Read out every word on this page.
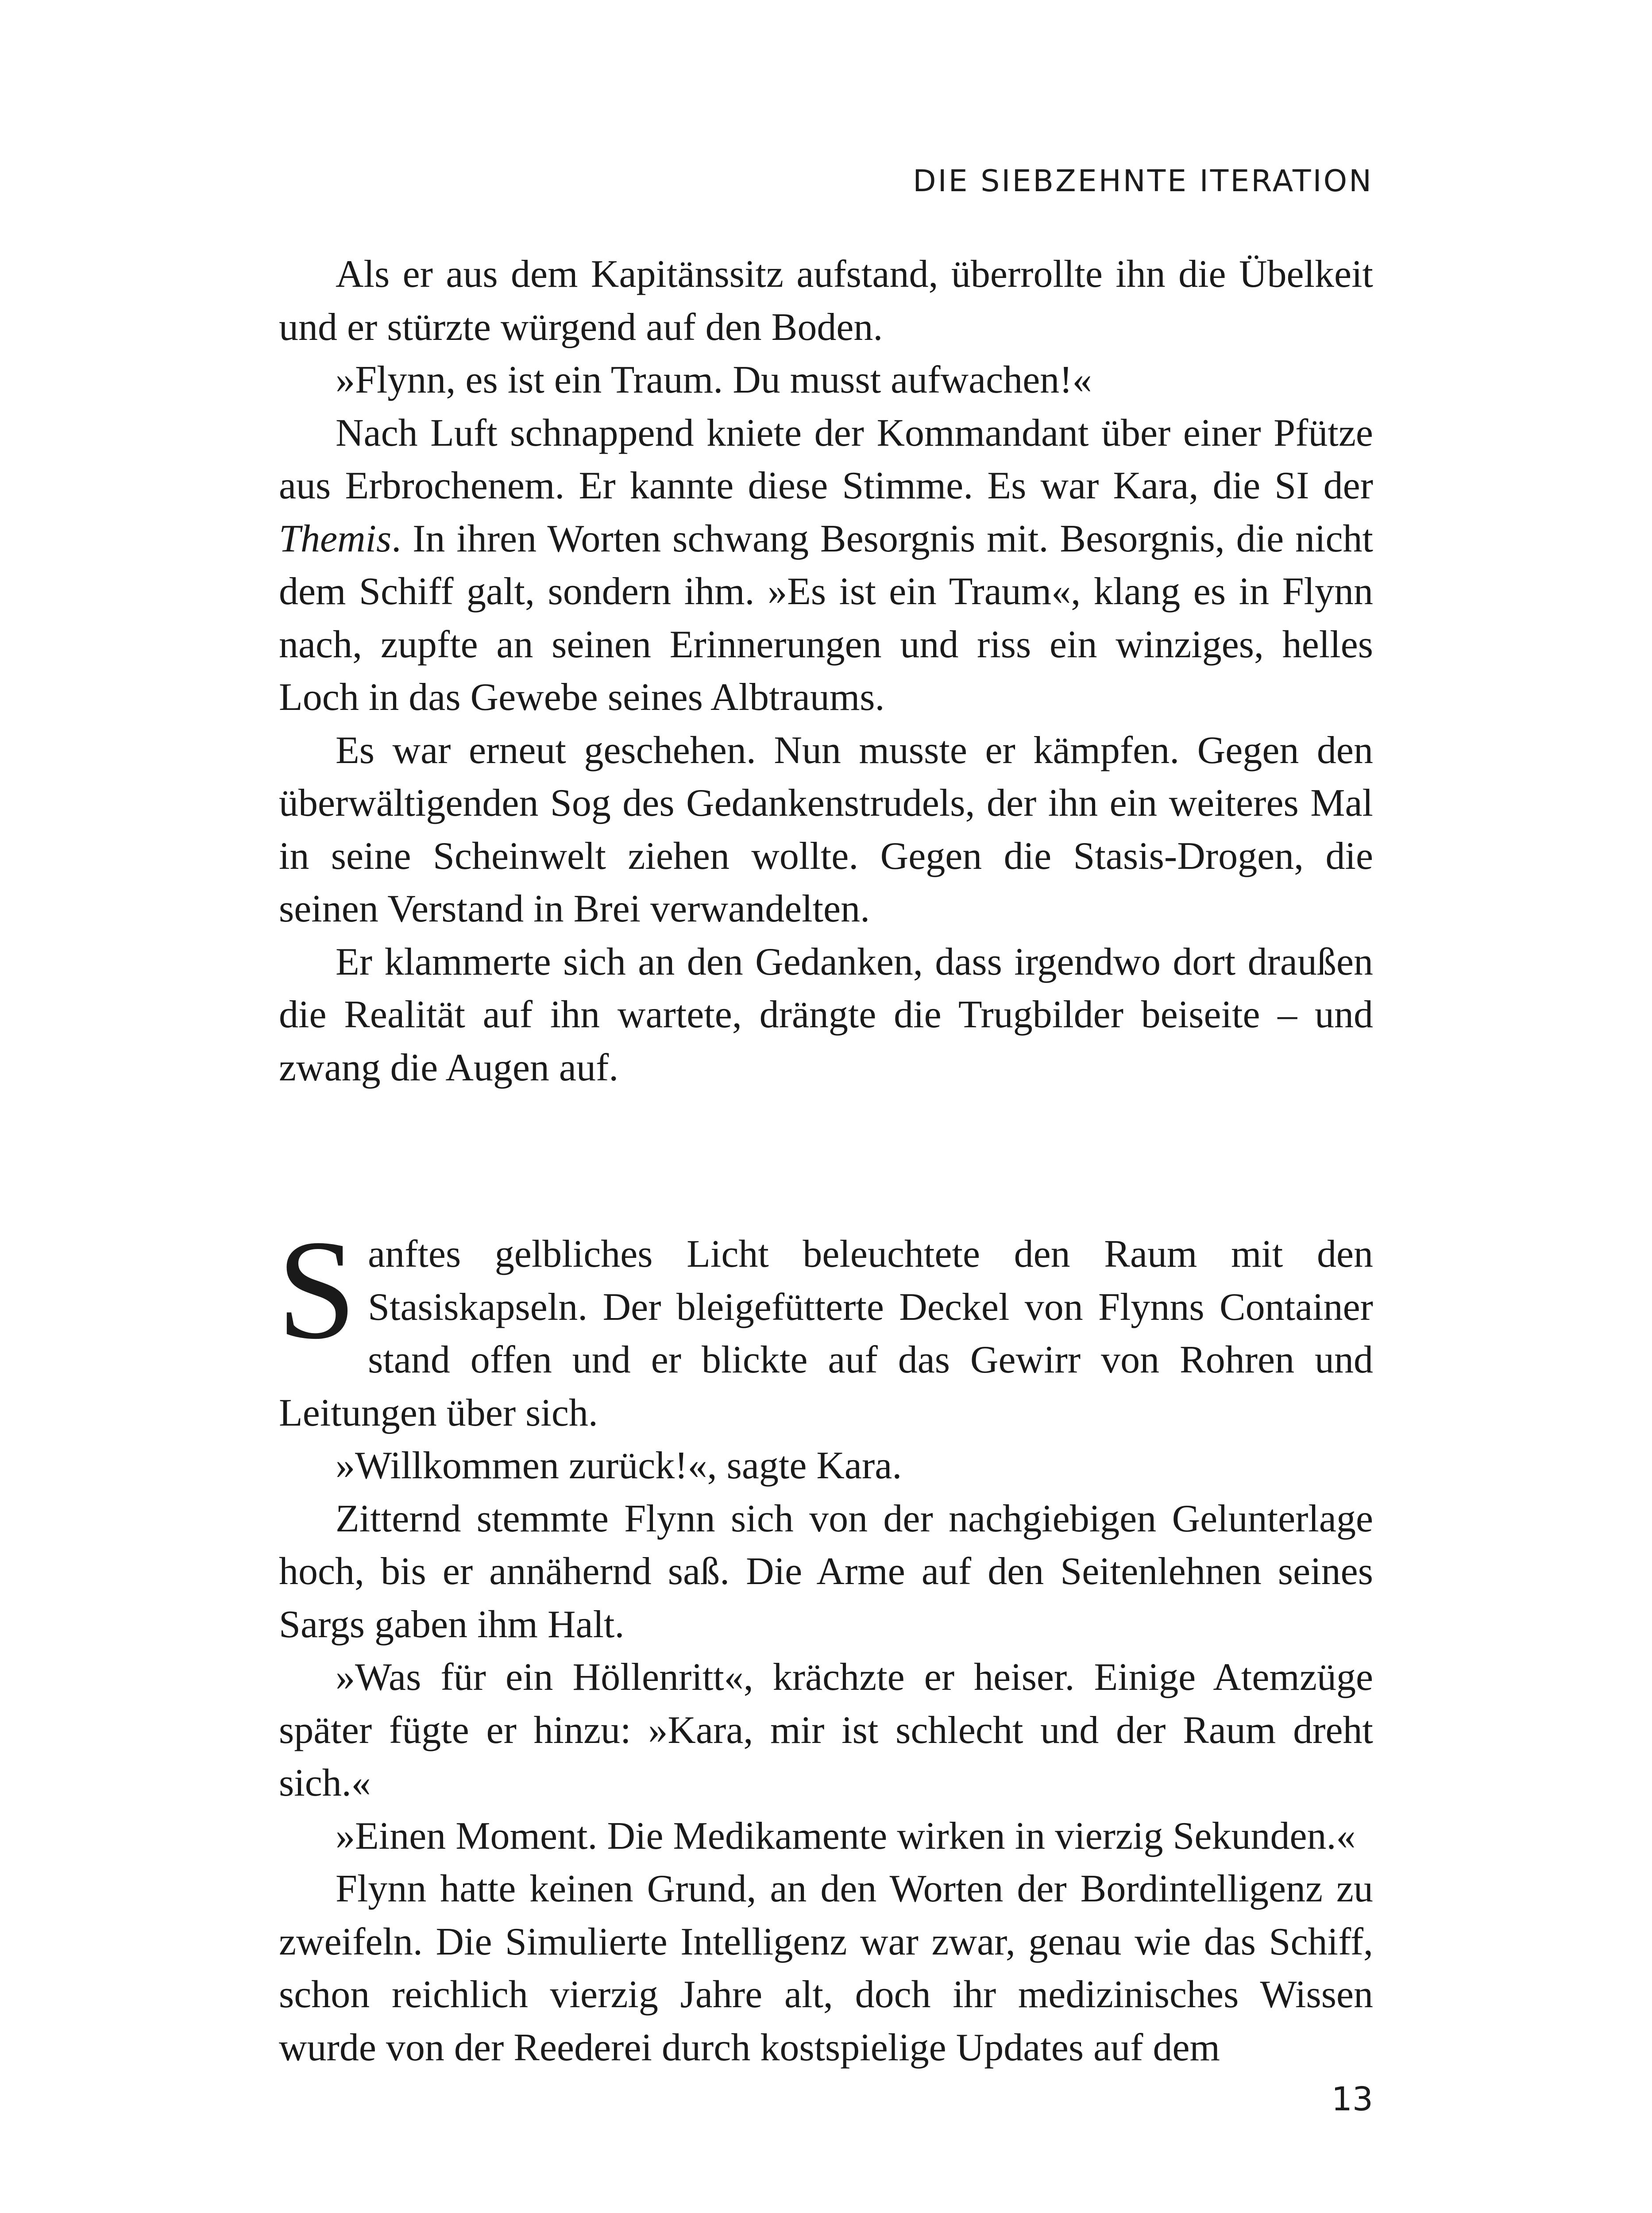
DIE SIEBZEHNTE ITERATION

Als er aus dem Kapitänssitz aufstand, überrollte ihn die Übelkeit und er stürzte würgend auf den Boden.

»Flynn, es ist ein Traum. Du musst aufwachen!«

Nach Luft schnappend kniete der Kommandant über einer Pfütze aus Erbrochenem. Er kannte diese Stimme. Es war Kara, die SI der Themis. In ihren Worten schwang Besorgnis mit. Besorgnis, die nicht dem Schiff galt, sondern ihm. »Es ist ein Traum«, klang es in Flynn nach, zupfte an seinen Erinnerungen und riss ein winziges, helles Loch in das Gewebe seines Albtraums.

Es war erneut geschehen. Nun musste er kämpfen. Gegen den überwältigenden Sog des Gedankenstrudels, der ihn ein weiteres Mal in seine Scheinwelt ziehen wollte. Gegen die Stasis-Drogen, die seinen Verstand in Brei verwandelten.

Er klammerte sich an den Gedanken, dass irgendwo dort draußen die Realität auf ihn wartete, drängte die Trugbilder beiseite – und zwang die Augen auf.

Sanftes gelbliches Licht beleuchtete den Raum mit den Stasiskapseln. Der bleigefütterte Deckel von Flynns Container stand offen und er blickte auf das Gewirr von Rohren und Leitungen über sich.

»Willkommen zurück!«, sagte Kara.

Zitternd stemmte Flynn sich von der nachgiebigen Gelunterlage hoch, bis er annähernd saß. Die Arme auf den Seitenlehnen seines Sargs gaben ihm Halt.

»Was für ein Höllenritt«, krächzte er heiser. Einige Atemzüge später fügte er hinzu: »Kara, mir ist schlecht und der Raum dreht sich.«

»Einen Moment. Die Medikamente wirken in vierzig Sekunden.«

Flynn hatte keinen Grund, an den Worten der Bordintelligenz zu zweifeln. Die Simulierte Intelligenz war zwar, genau wie das Schiff, schon reichlich vierzig Jahre alt, doch ihr medizinisches Wissen wurde von der Reederei durch kostspielige Updates auf dem

13
